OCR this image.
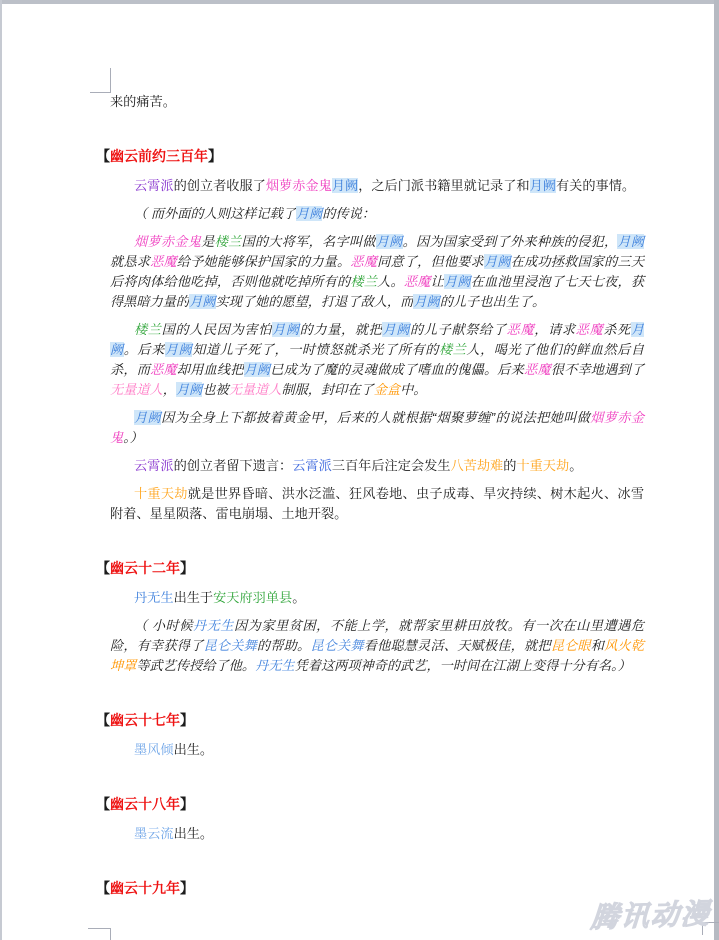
来的痛苦。

【幽云前约三百年】

云霄派的创立者收服了烟萝赤金鬼月阙，之后门派书籍里就记录了和月阙有关的事情。

（ 而外面的人则这样记载了月阙的传说：

烟萝赤金鬼是楼兰国的大将军，名字叫做月阙。因为国家受到了外来种族的侵犯，月阙就恳求恶魔给予她能够保护国家的力量。恶魔同意了，但他要求月阙在成功拯救国家的三天后将肉体给他吃掉，否则他就吃掉所有的楼兰人。恶魔让月阙在血池里浸泡了七天七夜，获得黑暗力量的月阙实现了她的愿望，打退了敌人，而月阙的儿子也出生了。

楼兰国的人民因为害怕月阙的力量，就把月阙的儿子献祭给了恶魔，请求恶魔杀死月阙。后来月阙知道儿子死了，一时愤怒就杀光了所有的楼兰人，喝光了他们的鲜血然后自杀，而恶魔却用血线把月阙已成为了魔的灵魂做成了嗜血的傀儡。后来恶魔很不幸地遇到了无量道人，月阙也被无量道人制服，封印在了金盒中。

月阙因为全身上下都披着黄金甲，后来的人就根据“烟聚萝缠”的说法把她叫做烟萝赤金鬼。）

云霄派的创立者留下遗言：云霄派三百年后注定会发生八苦劫难的十重天劫。

十重天劫就是世界昏暗、洪水泛滥、狂风卷地、虫子成毒、旱灾持续、树木起火、冰雪附着、星星陨落、雷电崩塌、土地开裂。

【幽云十二年】

丹无生出生于安天府羽单县。

（ 小时候丹无生因为家里贫困，不能上学，就帮家里耕田放牧。有一次在山里遭遇危险，有幸获得了昆仑关舞的帮助。昆仑关舞看他聪慧灵活、天赋极佳，就把昆仑眼和风火乾坤罩等武艺传授给了他。丹无生凭着这两项神奇的武艺，一时间在江湖上变得十分有名。）

【幽云十七年】

墨风倾出生。

【幽云十八年】

墨云流出生。

【幽云十九年】

腾讯动漫
